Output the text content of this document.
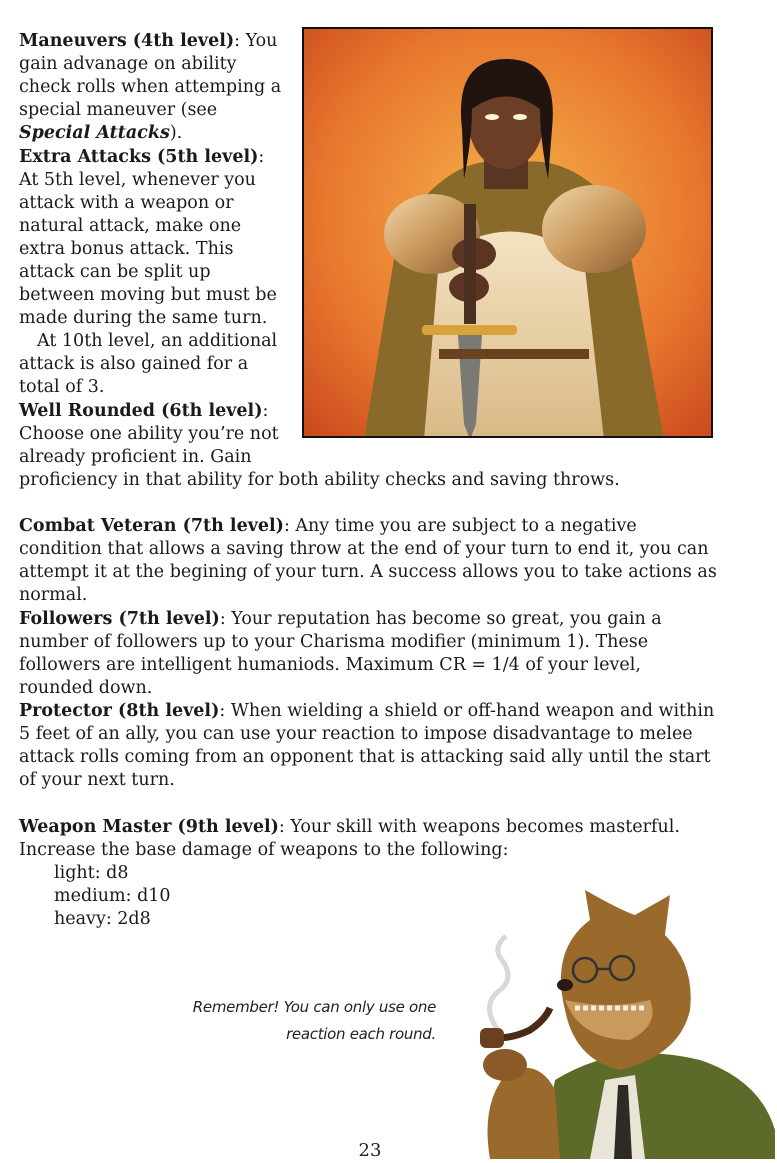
Maneuvers (4th level): You gain advanage on ability check rolls when attemping a special maneuver (see Special Attacks).

Extra Attacks (5th level): At 5th level, whenever you attack with a weapon or natural attack, make one extra bonus attack. This attack can be split up between moving but must be made during the same turn.
At 10th level, an additional attack is also gained for a total of 3.

Well Rounded (6th level): Choose one ability you’re not already proficient in. Gain

proficiency in that ability for both ability checks and saving throws.

Combat Veteran (7th level): Any time you are subject to a negative condition that allows a saving throw at the end of your turn to end it, you can attempt it at the begining of your turn. A success allows you to take actions as normal.

Followers (7th level): Your reputation has become so great, you gain a number of followers up to your Charisma modifier (minimum 1). These followers are intelligent humaniods. Maximum CR = 1/4 of your level, rounded down.

Protector (8th level): When wielding a shield or off-hand weapon and within 5 feet of an ally, you can use your reaction to impose disadvantage to melee attack rolls coming from an opponent that is attacking said ally until the start of your next turn.

Weapon Master (9th level): Your skill with weapons becomes masterful. Increase the base damage of weapons to the following:

light: d8

medium: d10

heavy: 2d8

Remember! You can only use one
reaction each round.
23
